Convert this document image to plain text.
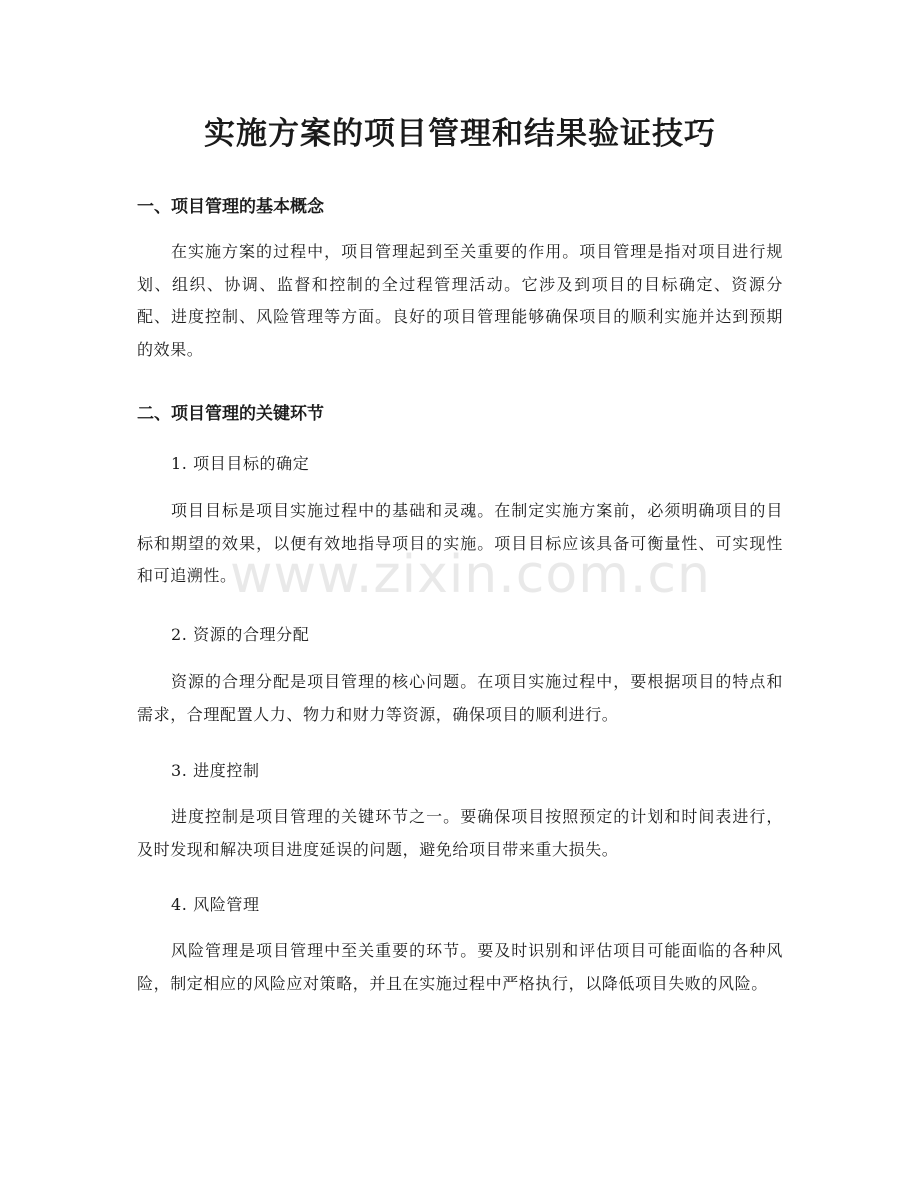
实施方案的项目管理和结果验证技巧
一、项目管理的基本概念

在实施方案的过程中，项目管理起到至关重要的作用。项目管理是指对项目进行规划、组织、协调、监督和控制的全过程管理活动。它涉及到项目的目标确定、资源分配、进度控制、风险管理等方面。良好的项目管理能够确保项目的顺利实施并达到预期的效果。

二、项目管理的关键环节

1. 项目目标的确定

项目目标是项目实施过程中的基础和灵魂。在制定实施方案前，必须明确项目的目标和期望的效果，以便有效地指导项目的实施。项目目标应该具备可衡量性、可实现性和可追溯性。

2. 资源的合理分配

资源的合理分配是项目管理的核心问题。在项目实施过程中，要根据项目的特点和需求，合理配置人力、物力和财力等资源，确保项目的顺利进行。

3. 进度控制

进度控制是项目管理的关键环节之一。要确保项目按照预定的计划和时间表进行，及时发现和解决项目进度延误的问题，避免给项目带来重大损失。

4. 风险管理

风险管理是项目管理中至关重要的环节。要及时识别和评估项目可能面临的各种风险，制定相应的风险应对策略，并且在实施过程中严格执行，以降低项目失败的风险。

www.zixin.com.cn
